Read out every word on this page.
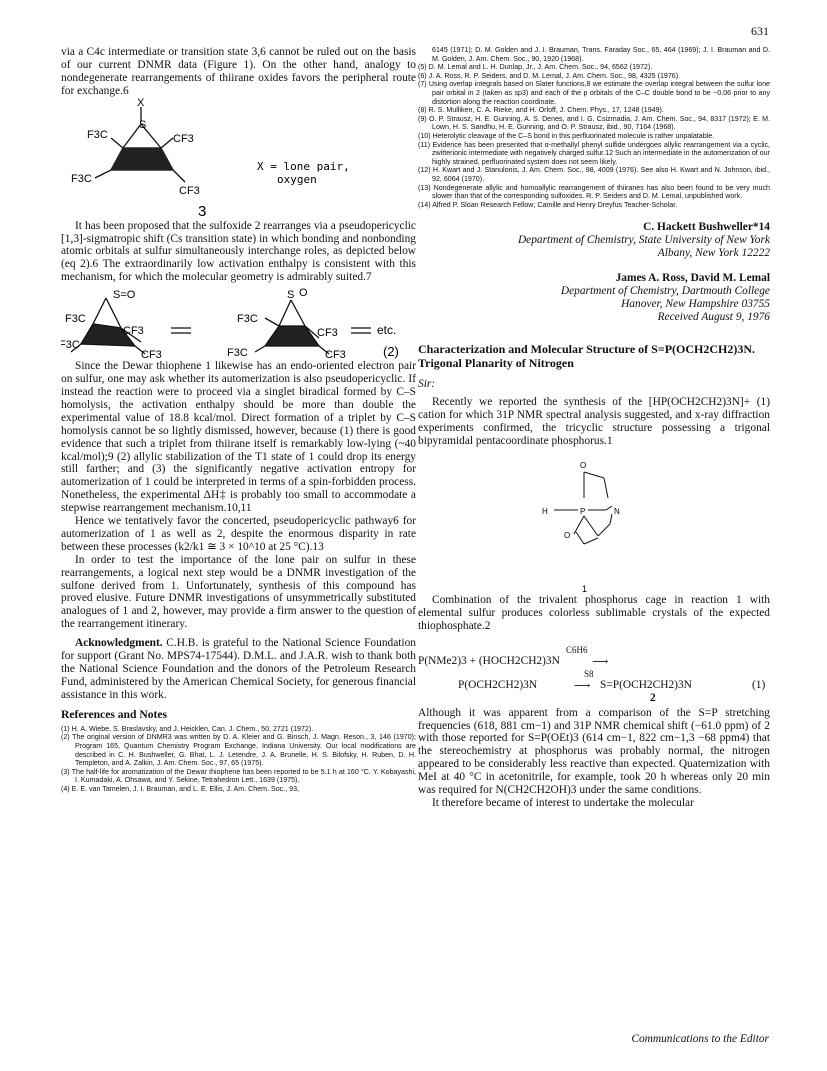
631

via a C4c intermediate or transition state 3,6 cannot be ruled out on the basis of our current DNMR data (Figure 1). On the other hand, analogy to nondegenerate rearrangements of thiirane oxides favors the peripheral route for exchange.6

X
F3C
S
CF3
F3C
CF3
X = lone pair,
oxygen
3

It has been proposed that the sulfoxide 2 rearranges via a pseudopericyclic [1,3]-sigmatropic shift (Cs transition state) in which bonding and nonbonding atomic orbitals at sulfur simultaneously interchange roles, as depicted below (eq 2).6 The extraordinarily low activation enthalpy is consistent with this mechanism, for which the molecular geometry is admirably suited.7

S=O
F3C
CF3
F3C
CF3
S O
F3C
CF3
F3C	CF3
etc.
(2)

Since the Dewar thiophene 1 likewise has an endo-oriented electron pair on sulfur, one may ask whether its automerization is also pseudopericyclic. If instead the reaction were to proceed via a singlet biradical formed by C–S homolysis, the activation enthalpy should be more than double the experimental value of 18.8 kcal/mol. Direct formation of a triplet by C–S homolysis cannot be so lightly dismissed, however, because (1) there is good evidence that such a triplet from thiirane itself is remarkably low-lying (~40 kcal/mol);9 (2) allylic stabilization of the T1 state of 1 could drop its energy still farther; and (3) the significantly negative activation entropy for automerization of 1 could be interpreted in terms of a spin-forbidden process. Nonetheless, the experimental ΔH‡ is probably too small to accommodate a stepwise rearrangement mechanism.10,11

Hence we tentatively favor the concerted, pseudopericyclic pathway6 for automerization of 1 as well as 2, despite the enormous disparity in rate between these processes (k2/k1 ≅ 3 × 10^10 at 25 °C).13

In order to test the importance of the lone pair on sulfur in these rearrangements, a logical next step would be a DNMR investigation of the sulfone derived from 1. Unfortunately, synthesis of this compound has proved elusive. Future DNMR investigations of unsymmetrically substituted analogues of 1 and 2, however, may provide a firm answer to the question of the rearrangement itinerary.

Acknowledgment. C.H.B. is grateful to the National Science Foundation for support (Grant No. MPS74-17544). D.M.L. and J.A.R. wish to thank both the National Science Foundation and the donors of the Petroleum Research Fund, administered by the American Chemical Society, for generous financial assistance in this work.

References and Notes
(1) H. A. Wiebe, S. Braslavsky, and J. Heicklen, Can. J. Chem., 50, 2721 (1972).
(2) The original version of DNMR3 was written by D. A. Kleier and G. Binsch, J. Magn. Reson., 3, 146 (1970); Program 165, Quantum Chemistry Program Exchange, Indiana University. Our local modifications are described in C. H. Bushweller, G. Bhat, L. J. Letendre, J. A. Brunelle, H. S. Bilofsky, H. Ruben, D. H. Templeton, and A. Zalkin, J. Am. Chem. Soc., 97, 65 (1975).
(3) The half-life for aromatization of the Dewar thiophene has been reported to be 5.1 h at 160 °C. Y. Kobayashi, I. Kumadaki, A. Ohsawa, and Y. Sekine, Tetrahedron Lett., 1639 (1975).
(4) E. E. van Tamelen, J. I. Brauman, and L. E. Ellis, J. Am. Chem. Soc., 93,
6145 (1971); D. M. Golden and J. I. Brauman, Trans. Faraday Soc., 65, 464 (1969); J. I. Brauman and D. M. Golden, J. Am. Chem. Soc., 90, 1920 (1968).
(5) D. M. Lemal and L. H. Dunlap, Jr., J. Am. Chem. Soc., 94, 6562 (1972).
(6) J. A. Ross, R. P. Seiders, and D. M. Lemal, J. Am. Chem. Soc., 98, 4325 (1976).
(7) Using overlap integrals based on Slater functions,8 we estimate the overlap integral between the sulfur lone pair orbital in 2 (taken as sp3) and each of the p orbitals of the C–C double bond to be ~0.06 prior to any distortion along the reaction coordinate.
(8) R. S. Mulliken, C. A. Rieke, and H. Orloff, J. Chem. Phys., 17, 1248 (1949).
(9) O. P. Strausz, H. E. Gunning, A. S. Denes, and I. G. Csizmadia, J. Am. Chem. Soc., 94, 8317 (1972); E. M. Lown, H. S. Sandhu, H. E. Gunning, and O. P. Strausz, ibid., 90, 7164 (1968).
(10) Heterolytic cleavage of the C–S bond in this perfluorinated molecule is rather unpalatable.
(11) Evidence has been presented that α-methallyl phenyl sulfide undergoes allylic rearrangement via a cyclic, zwitterionic intermediate with negatively charged sulfur.12 Such an intermediate in the automerization of our highly strained, perfluorinated system does not seem likely.
(12) H. Kwart and J. Stanulonis, J. Am. Chem. Soc., 98, 4009 (1976). See also H. Kwart and N. Johnson, ibid., 92, 6064 (1970).
(13) Nondegenerate allylic and homoallylic rearrangement of thiiranes has also been found to be very much slower than that of the corresponding sulfoxides. R. P. Seiders and D. M. Lemal, unpublished work.
(14) Alfred P. Sloan Research Fellow; Camille and Henry Dreyfus Teacher-Scholar.
C. Hackett Bushweller*14
Department of Chemistry, State University of New York
Albany, New York 12222
James A. Ross, David M. Lemal
Department of Chemistry, Dartmouth College
Hanover, New Hampshire 03755
Received August 9, 1976
Characterization and Molecular Structure of S=P(OCH2CH2)3N. Trigonal Planarity of Nitrogen
Sir:

Recently we reported the synthesis of the [HP(OCH2CH2)3N]+ (1) cation for which 31P NMR spectral analysis suggested, and x-ray diffraction experiments confirmed, the tricyclic structure possessing a trigonal bipyramidal pentacoordinate phosphorus.1

O
H	P	N
O
1

Combination of the trivalent phosphorus cage in reaction 1 with elemental sulfur produces colorless sublimable crystals of the expected thiophosphate.2

C6H6
P(NMe2)3 + (HOCH2CH2)3N	⟶
S8
P(OCH2CH2)3N	⟶ S=P(OCH2CH2)3N	(1)
2

Although it was apparent from a comparison of the S=P stretching frequencies (618, 881 cm−1) and 31P NMR chemical shift (−61.0 ppm) of 2 with those reported for S=P(OEt)3 (614 cm−1, 822 cm−1,3 −68 ppm4) that the stereochemistry at phosphorus was probably normal, the nitrogen appeared to be considerably less reactive than expected. Quaternization with MeI at 40 °C in acetonitrile, for example, took 20 h whereas only 20 min was required for N(CH2CH2OH)3 under the same conditions.

It therefore became of interest to undertake the molecular

Communications to the Editor
